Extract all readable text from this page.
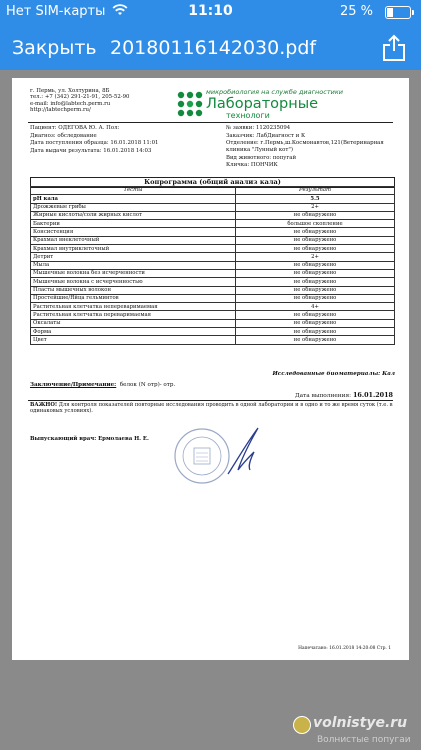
Нет SIM-карты	11:10	25 %
Закрыть 20180116142030.pdf
г. Пермь, ул. Холтурина, 8Б
тел.: +7 (342) 291-21-91, 205-52-90
e-mail: info@labtech.perm.ru
http://labtechperm.ru/
микробиология на службе диагностики
Лабораторные
технологи
Пациент: ОДЕГОВА Ю. А. Пол:
Диагноз: обследование
Дата поступления образца: 16.01.2018 11:01
Дата выдачи результата: 16.01.2018 14:03
№ заявки: 1120235094
Заказчик: ЛабДиагност и К
Отделение: г.Пермь,ш.Космонавтов,121(Ветеринарная клиника "Лунный кот")
Вид животного: попугай
Кличка: ПОНЧИК
Копрограмма (общий анализ кала)
Тесты	Результат
pH кала	5.5
Дрожжевые грибы	2+
Жирные кислоты/соли жирных кислот	не обнаружено
Бактерии	большое скопление
Консистенция	не обнаружено
Крахмал внеклеточный	не обнаружено
Крахмал внутриклеточный	не обнаружено
Детрит	2+
Мыла	не обнаружено
Мышечные волокна без исчерченности	не обнаружено
Мышечные волокна с исчерченностью	не обнаружено
Пласты мышечных волокон	не обнаружено
Простейшие/Яйца гельминтов	не обнаружено
Растительная клетчатка непереваримаемая	4+
Растительная клетчатка переваримаемая	не обнаружено
Оксалаты	не обнаружено
Форма	не обнаружено
Цвет	не обнаружено
Исследованные биоматериалы: Кал
Заключение/Примечание: белок (N отр)- отр.
Дата выполнения: 16.01.2018
ВАЖНО! Для контроля показателей повторные исследования проводить в одной лаборатории и в одно и то же время суток (т.е. в одинаковых условиях).
Выпускающий врач: Ермолаева Н. Е.
Напечатано: 16.01.2018 14:20:08 Стр. 1
volnistye.ru
Волнистые попугаи
